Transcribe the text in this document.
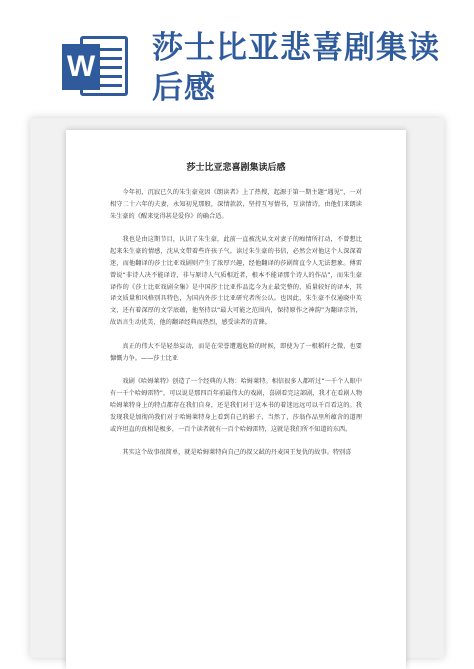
W
莎士比亚悲喜剧集读后感
莎士比亚悲喜剧集读后感

今年初，沉寂已久的朱生豪竟因《朗读者》上了热搜，起源于第一期主题“遇见”，一对相守二十六年的夫妻，永知初见那般，深情款款，坚持互写情书，互读情诗，由他们来朗读朱生豪的《醒来觉得甚是爱你》的确合适。

我也是由这期节目，认识了朱生豪，此前一直被沈从文对妻子的痴情所打动，不曾想比起来朱生豪的情感，沈从文带着些许孩子气。读过朱生豪的书信，必然会对他这个人深深着迷，而他翻译的莎士比亚戏剧则产生了浓厚兴趣，经他翻译的莎剧简直令人无法想象。傅雷曾说“非诗人决不能译诗，非与原诗人气质相近者，根本不能译那个诗人的作品”，而朱生豪译作的《莎士比亚戏剧全集》是中国莎士比亚作品迄今为止最完整的、质量较好的译本，其译文质量和风格别具特色，为国内外莎士比亚研究者所公认。也因此，朱生豪不仅通晓中英文，还有着深厚的文学底蕴，他坚持以“最大可能之范围内，保持原作之神韵”为翻译宗旨，故语言生动优美，他的翻译经典而热烈，感受读者的青睐。

真正的伟大不是轻举妄动，而是在荣誉遭遇危险的时候，即使为了一根稻秆之微，也要慷慨力争。——莎士比亚

戏剧《哈姆莱特》创造了一个经典的人物：哈姆莱特。相信很多人都听过“一千个人眼中有一千个哈姆雷特”，可以说是那四百年前最伟大的戏剧，喜剧看完这部剧，我才在看剧人物哈姆莱特身上的特点都存在我们自身，还是我们对于这本书的着迷远远可以千百看这的。我发现我是加彻尚我们对于哈姆莱特身上看到自己的影子，当然了，莎翁作品里所蕴含的道理或许坦直的真相是极多，一百个读者就有一百个哈姆雷特，这就是我们所不知道的东西。

其实这个故事很简单，就是哈姆莱特向自己的叔父弑的丹麦国王复仇的故事。特别喜
